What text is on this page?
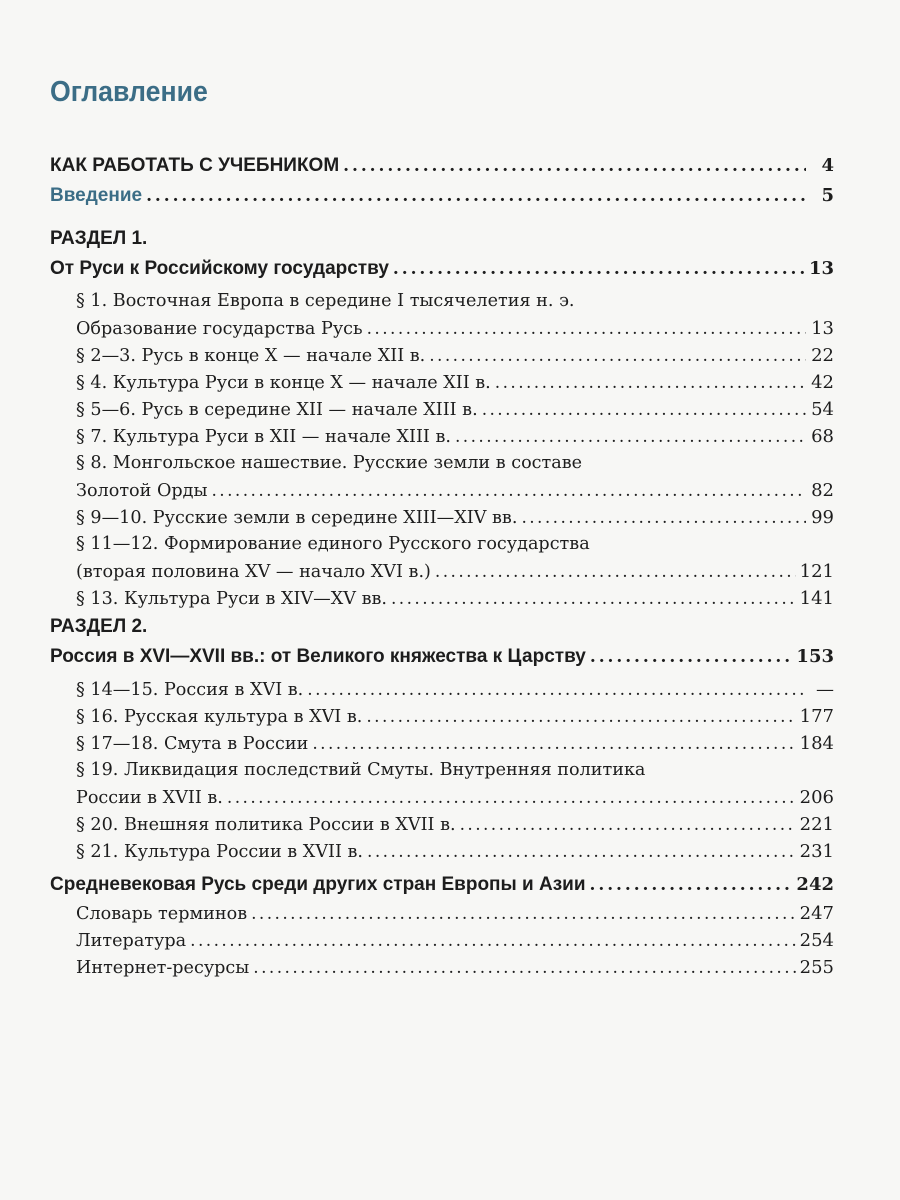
Оглавление
КАК РАБОТАТЬ С УЧЕБНИКОМ . . .	4
Введение . . .	5
РАЗДЕЛ 1.
От Руси к Российскому государству . . .	13
§ 1. Восточная Европа в середине I тысячелетия н. э.
Образование государства Русь . . .	13
§ 2—3. Русь в конце X — начале XII в. . . .	22
§ 4. Культура Руси в конце X — начале XII в. . . .	42
§ 5—6. Русь в середине XII — начале XIII в. . . .	54
§ 7. Культура Руси в XII — начале XIII в. . . .	68
§ 8. Монгольское нашествие. Русские земли в составе
Золотой Орды . . .	82
§ 9—10. Русские земли в середине XIII—XIV вв. . . .	99
§ 11—12. Формирование единого Русского государства
(вторая половина XV — начало XVI в.) . . .	121
§ 13. Культура Руси в XIV—XV вв. . . .	141
РАЗДЕЛ 2.
Россия в XVI—XVII вв.: от Великого княжества к Царству . . .	153
§ 14—15. Россия в XVI в. . . .	—
§ 16. Русская культура в XVI в. . . .	177
§ 17—18. Смута в России . . .	184
§ 19. Ликвидация последствий Смуты. Внутренняя политика
России в XVII в. . . .	206
§ 20. Внешняя политика России в XVII в. . . .	221
§ 21. Культура России в XVII в. . . .	231
Средневековая Русь среди других стран Европы и Азии . . .	242
Словарь терминов . . .	247
Литература . . .	254
Интернет-ресурсы . . .	255
